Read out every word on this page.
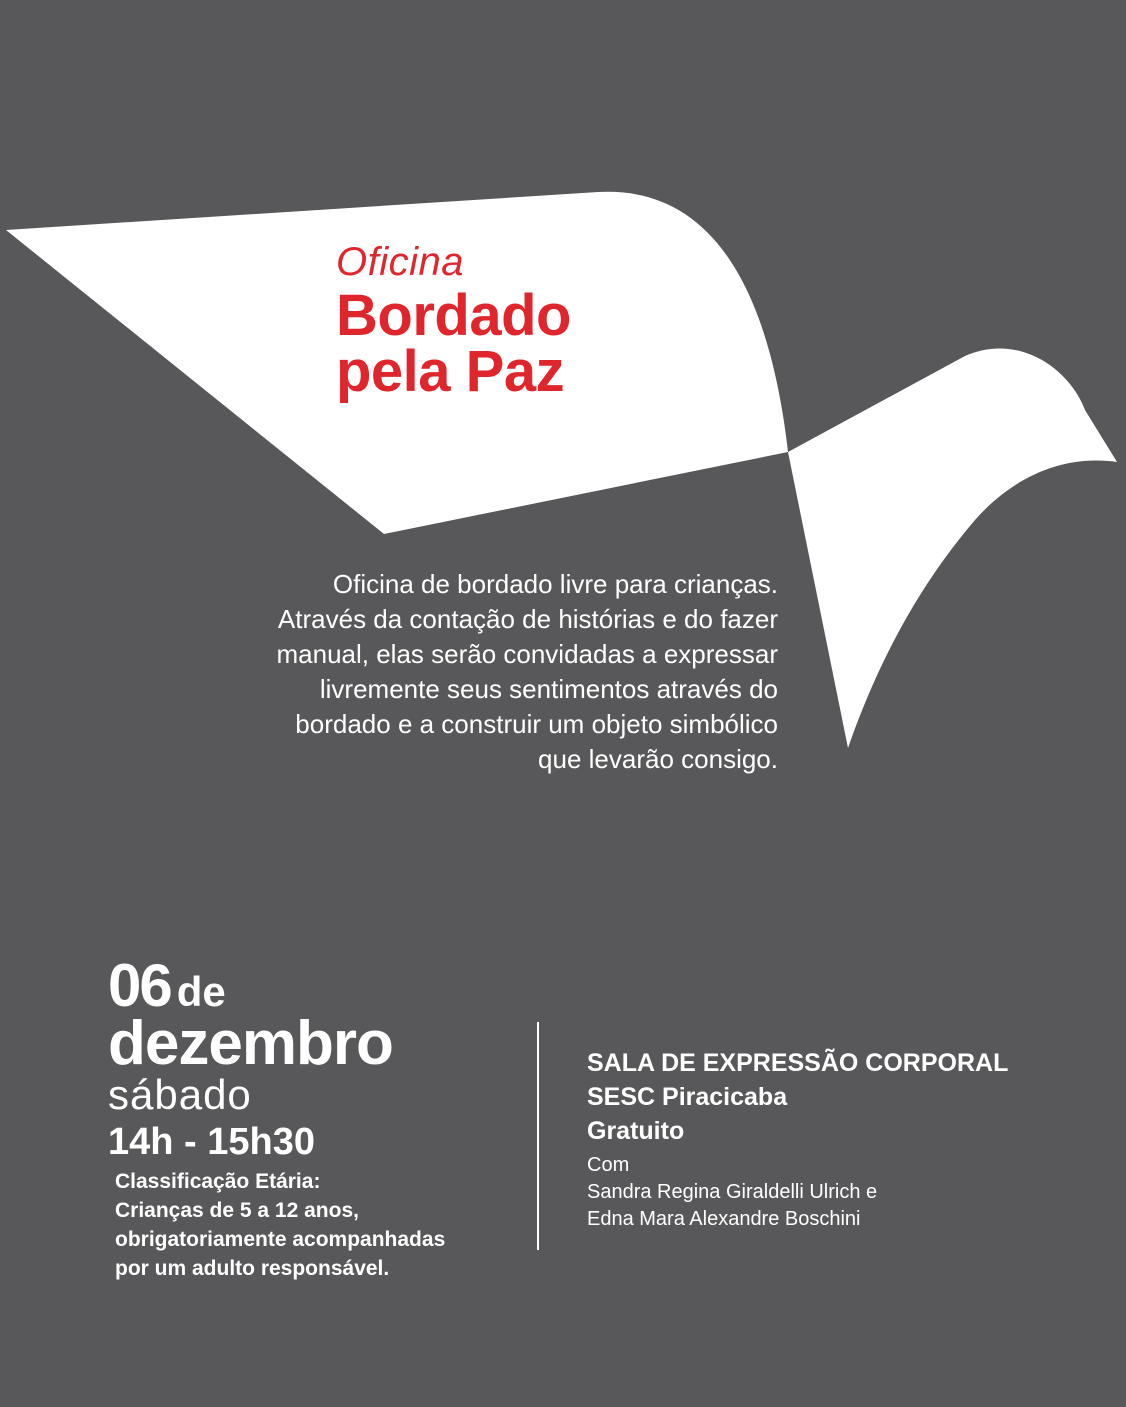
Oficina
Bordado
pela Paz
Oficina de bordado livre para crianças.
Através da contação de histórias e do fazer
manual, elas serão convidadas a expressar
livremente seus sentimentos através do
bordado e a construir um objeto simbólico
que levarão consigo.
06 de
dezembro
sábado
14h - 15h30
Classificação Etária:
Crianças de 5 a 12 anos,
obrigatoriamente acompanhadas
por um adulto responsável.
SALA DE EXPRESSÃO CORPORAL
SESC Piracicaba
Gratuito
Com
Sandra Regina Giraldelli Ulrich e
Edna Mara Alexandre Boschini
